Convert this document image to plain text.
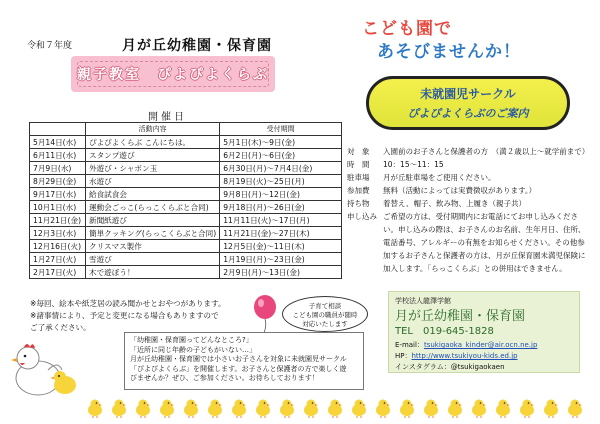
令和７年度	月が丘幼稚園・保育園
親子教室　ぴよぴよくらぶ
開催日
	活動内容	受付期間
5月14日(水)	ぴよぴよくらぶ こんにちは。	5月1日(木)～9日(金)
6月11日(水)	スタンプ遊び	6月2日(月)～6日(金)
7月9日(水)	外遊び・シャボン玉	6月30日(月)～7月4日(金)
8月29日(金)	水遊び	8月19日(火)～25日(月)
9月17日(水)	給食試食会	9月8日(月)～12日(金)
10月1日(水)	運動会ごっこ(らっこくらぶと合同)	9月18日(月)～26日(金)
11月21日(金)	新聞紙遊び	11月11日(火)～17日(月)
12月3日(水)	簡単クッキング(らっこくらぶと合同)	11月21日(金)～27日(木)
12月16日(火)	クリスマス製作	12月5日(金)～11日(木)
1月27日(火)	雪遊び	1月19日(月)～23日(金)
2月17日(火)	木で遊ぼう！	2月9日(月)～13日(金)
※毎回、絵本や紙芝居の読み聞かせとおやつがあります。
※諸事情により、予定と変更になる場合もありますので
ご了承ください。
こども園で
あそびませんか！
未就園児サークル
ぴよぴよくらぶのご案内
対　象	入園前のお子さんと保護者の方　（満２歳以上～就学前まで）
時　間	10：15～11：15
駐車場	月が丘駐車場をご使用ください。
参加費	無料（活動によっては実費徴収があります。）
持ち物	着替え、帽子、飲み物、上履き（親子共）
申し込み ご希望の方は、受付期間内にお電話にてお申し込みください。申し込みの際は、お子さんのお名前、生年月日、住所、電話番号、アレルギーの有無をお知らせください。その他参加するお子さんと保護者の方は、月が丘保育園未満児保険に加入します。「らっこくらぶ」との併用はできません。
子育て相談
こども園の職員が随時
対応いたします
「幼稚園・保育園ってどんなところ?」
「近所に同じ年齢の子どもがいない…」
月が丘幼稚園・保育園では小さいお子さんを対象に未就園児サークル
「ぴよぴよくらぶ」を開催します。お子さんと保護者の方で楽しく遊
びませんか？ぜひ、ご参加ください。お待ちしております！
学校法人龍澤学館
月が丘幼稚園・保育園
TEL　019-645-1828
E-mail：tsukigaoka_kinder@air.ocn.ne.jp
HP：http://www.tsukiyou-kids.ed.jp
インスタグラム：@tsukigaokaen
